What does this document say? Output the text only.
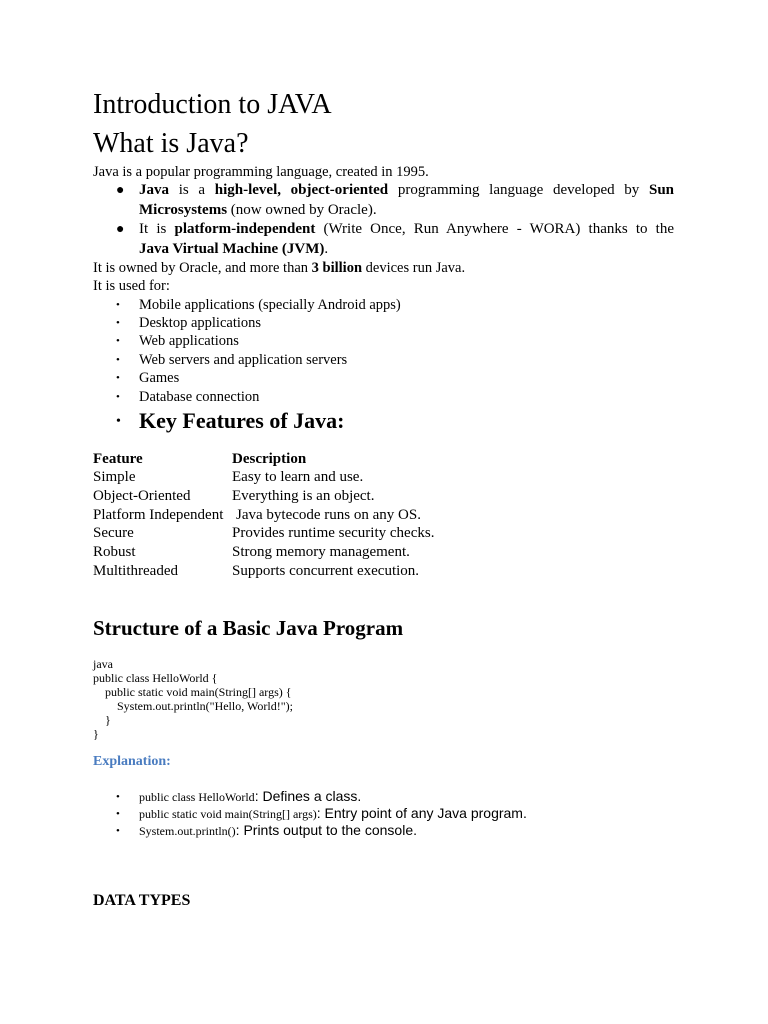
Introduction to JAVA
What is Java?
Java is a popular programming language, created in 1995.
● Java is a high-level, object-oriented programming language developed by Sun
Microsystems (now owned by Oracle).
● It is platform-independent (Write Once, Run Anywhere - WORA) thanks to the
Java Virtual Machine (JVM).
It is owned by Oracle, and more than 3 billion devices run Java.
It is used for:
• Mobile applications (specially Android apps)
• Desktop applications
• Web applications
• Web servers and application servers
• Games
• Database connection
• Key Features of Java:
Feature	Description
Simple	Easy to learn and use.
Object-Oriented	Everything is an object.
Platform Independent Java bytecode runs on any OS.
Secure	Provides runtime security checks.
Robust	Strong memory management.
Multithreaded	Supports concurrent execution.
Structure of a Basic Java Program
java
public class HelloWorld {
public static void main(String[] args) {
System.out.println("Hello, World!");
}
}
Explanation:
• public class HelloWorld: Defines a class.
• public static void main(String[] args): Entry point of any Java program.
• System.out.println(): Prints output to the console.
DATA TYPES
